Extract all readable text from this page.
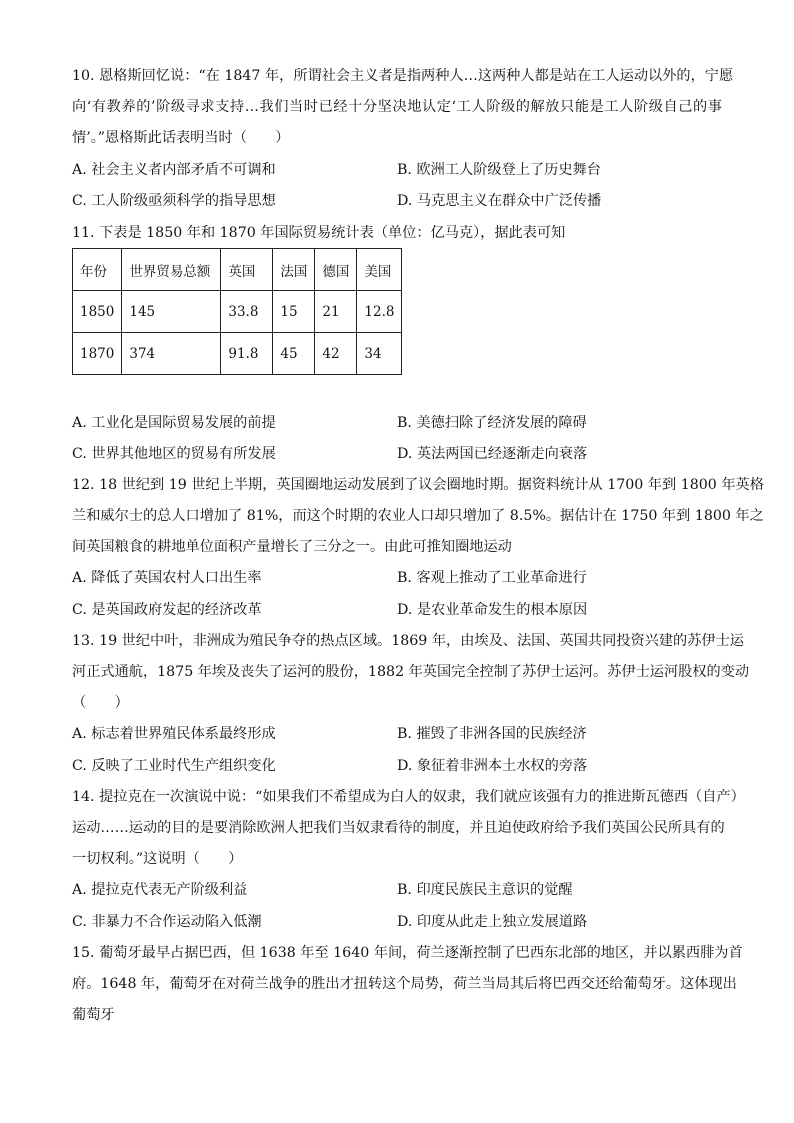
10. 恩格斯回忆说：“在 1847 年，所谓社会主义者是指两种人…这两种人都是站在工人运动以外的，宁愿
向‘有教养的’阶级寻求支持…我们当时已经十分坚决地认定‘工人阶级的解放只能是工人阶级自己的事
情’。”恩格斯此话表明当时（　　）
A. 社会主义者内部矛盾不可调和	B. 欧洲工人阶级登上了历史舞台
C. 工人阶级亟须科学的指导思想	D. 马克思主义在群众中广泛传播
11. 下表是 1850 年和 1870 年国际贸易统计表（单位：亿马克），据此表可知
年份	世界贸易总额	英国	法国	德国	美国
1850	145	33.8	15	21	12.8
1870	374	91.8	45	42	34
A. 工业化是国际贸易发展的前提	B. 美德扫除了经济发展的障碍
C. 世界其他地区的贸易有所发展	D. 英法两国已经逐渐走向衰落
12. 18 世纪到 19 世纪上半期，英国圈地运动发展到了议会圈地时期。据资料统计从 1700 年到 1800 年英格
兰和威尔士的总人口增加了 81%，而这个时期的农业人口却只增加了 8.5%。据估计在 1750 年到 1800 年之
间英国粮食的耕地单位面积产量增长了三分之一。由此可推知圈地运动
A. 降低了英国农村人口出生率	B. 客观上推动了工业革命进行
C. 是英国政府发起的经济改革	D. 是农业革命发生的根本原因
13. 19 世纪中叶，非洲成为殖民争夺的热点区域。1869 年，由埃及、法国、英国共同投资兴建的苏伊士运
河正式通航，1875 年埃及丧失了运河的股份，1882 年英国完全控制了苏伊士运河。苏伊士运河股权的变动
（　　）
A. 标志着世界殖民体系最终形成	B. 摧毁了非洲各国的民族经济
C. 反映了工业时代生产组织变化	D. 象征着非洲本土水权的旁落
14. 提拉克在一次演说中说：“如果我们不希望成为白人的奴隶，我们就应该强有力的推进斯瓦德西（自产）
运动……运动的目的是要消除欧洲人把我们当奴隶看待的制度，并且迫使政府给予我们英国公民所具有的
一切权利。”这说明（　　）
A. 提拉克代表无产阶级利益	B. 印度民族民主意识的觉醒
C. 非暴力不合作运动陷入低潮	D. 印度从此走上独立发展道路
15. 葡萄牙最早占据巴西，但 1638 年至 1640 年间，荷兰逐渐控制了巴西东北部的地区，并以累西腓为首
府。1648 年，葡萄牙在对荷兰战争的胜出才扭转这个局势，荷兰当局其后将巴西交还给葡萄牙。这体现出
葡萄牙
